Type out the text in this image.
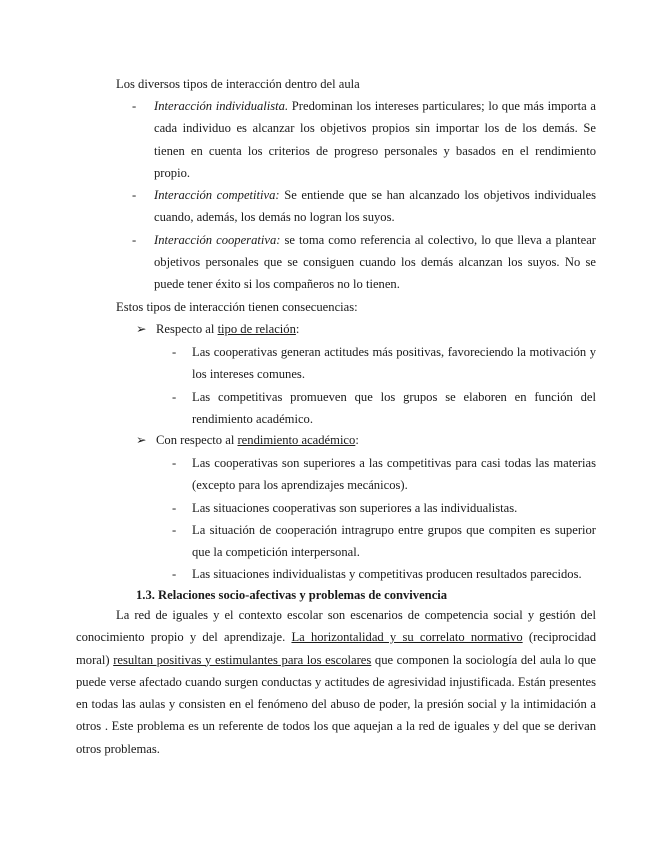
Los diversos tipos de interacción dentro del aula
- Interacción individualista. Predominan los intereses particulares; lo que más importa a cada individuo es alcanzar los objetivos propios sin importar los de los demás. Se tienen en cuenta los criterios de progreso personales y basados en el rendimiento propio.
- Interacción competitiva: Se entiende que se han alcanzado los objetivos individuales cuando, además, los demás no logran los suyos.
- Interacción cooperativa: se toma como referencia al colectivo, lo que lleva a plantear objetivos personales que se consiguen cuando los demás alcanzan los suyos. No se puede tener éxito si los compañeros no lo tienen.
Estos tipos de interacción tienen consecuencias:
➢ Respecto al tipo de relación:
- Las cooperativas generan actitudes más positivas, favoreciendo la motivación y los intereses comunes.
- Las competitivas promueven que los grupos se elaboren en función del rendimiento académico.
➢ Con respecto al rendimiento académico:
- Las cooperativas son superiores a las competitivas para casi todas las materias (excepto para los aprendizajes mecánicos).
- Las situaciones cooperativas son superiores a las individualistas.
- La situación de cooperación intragrupo entre grupos que compiten es superior que la competición interpersonal.
- Las situaciones individualistas y competitivas producen resultados parecidos.
1.3. Relaciones socio-afectivas y problemas de convivencia

La red de iguales y el contexto escolar son escenarios de competencia social y gestión del conocimiento propio y del aprendizaje. La horizontalidad y su correlato normativo (reciprocidad moral) resultan positivas y estimulantes para los escolares que componen la sociología del aula lo que puede verse afectado cuando surgen conductas y actitudes de agresividad injustificada. Están presentes en todas las aulas y consisten en el fenómeno del abuso de poder, la presión social y la intimidación a otros . Este problema es un referente de todos los que aquejan a la red de iguales y del que se derivan otros problemas.
